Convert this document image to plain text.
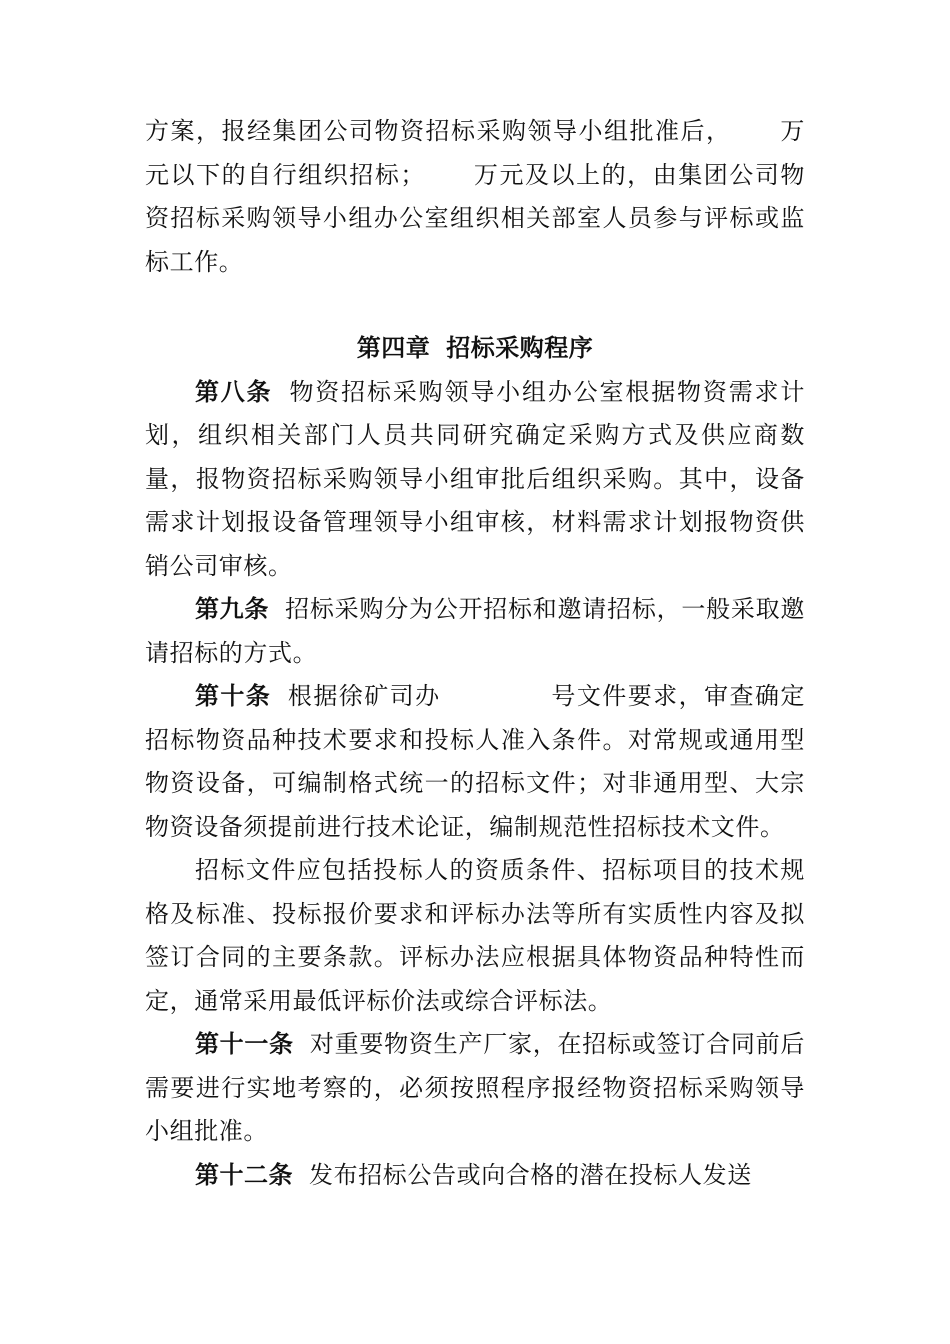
方案，报经集团公司物资招标采购领导小组批准后， 万元以下的自行组织招标； 万元及以上的，由集团公司物资招标采购领导小组办公室组织相关部室人员参与评标或监标工作。

第四章 招标采购程序

第八条 物资招标采购领导小组办公室根据物资需求计划，组织相关部门人员共同研究确定采购方式及供应商数量，报物资招标采购领导小组审批后组织采购。其中，设备需求计划报设备管理领导小组审核，材料需求计划报物资供销公司审核。

第九条 招标采购分为公开招标和邀请招标，一般采取邀请招标的方式。

第十条 根据徐矿司办	号文件要求，审查确定招标物资品种技术要求和投标人准入条件。对常规或通用型物资设备，可编制格式统一的招标文件；对非通用型、大宗物资设备须提前进行技术论证，编制规范性招标技术文件。

招标文件应包括投标人的资质条件、招标项目的技术规格及标准、投标报价要求和评标办法等所有实质性内容及拟签订合同的主要条款。评标办法应根据具体物资品种特性而定，通常采用最低评标价法或综合评标法。

第十一条 对重要物资生产厂家，在招标或签订合同前后需要进行实地考察的，必须按照程序报经物资招标采购领导小组批准。

第十二条 发布招标公告或向合格的潜在投标人发送
